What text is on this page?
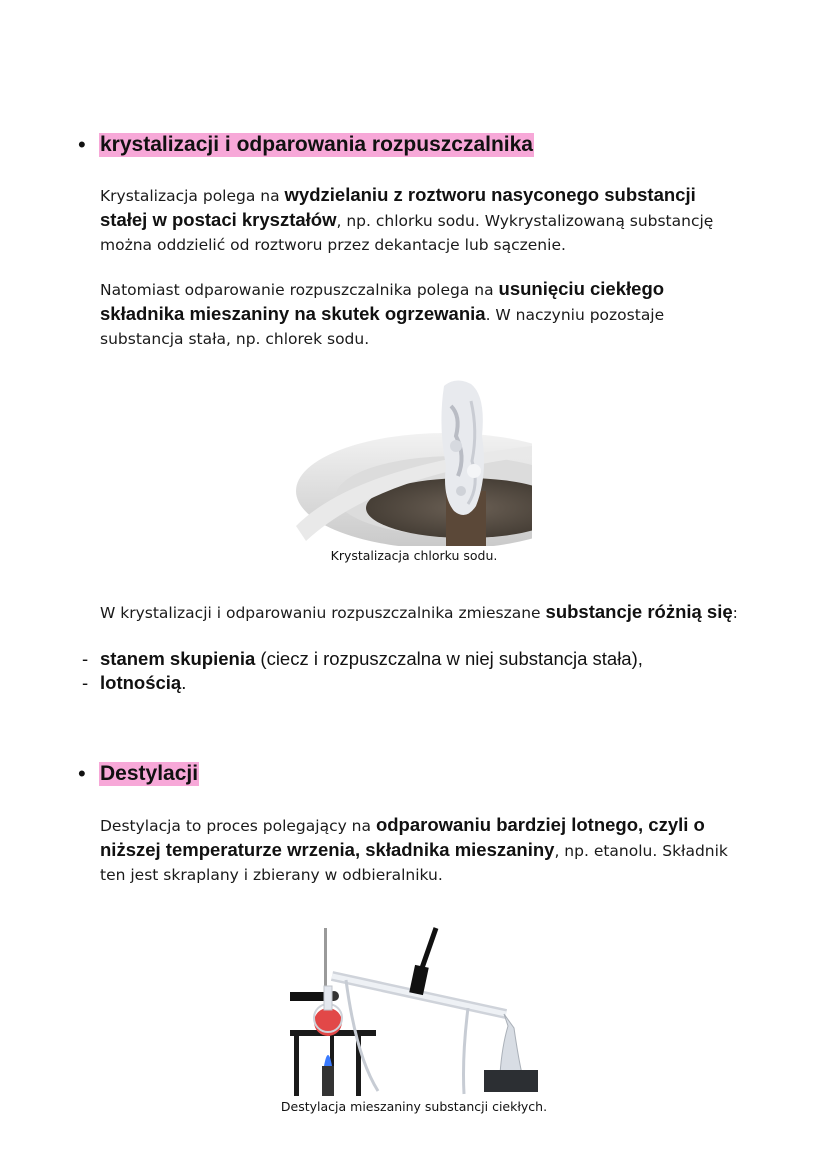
• krystalizacji i odparowania rozpuszczalnika
Krystalizacja polega na wydzielaniu z roztworu nasyconego substancji stałej w postaci kryształów, np. chlorku sodu. Wykrystalizowaną substancję można oddzielić od roztworu przez dekantacje lub sączenie.
Natomiast odparowanie rozpuszczalnika polega na usunięciu ciekłego składnika mieszaniny na skutek ogrzewania. W naczyniu pozostaje substancja stała, np. chlorek sodu.
Krystalizacja chlorku sodu.
W krystalizacji i odparowaniu rozpuszczalnika zmieszane substancje różnią się:
- stanem skupienia (ciecz i rozpuszczalna w niej substancja stała),
- lotnością.
• Destylacji
Destylacja to proces polegający na odparowaniu bardziej lotnego, czyli o niższej temperaturze wrzenia, składnika mieszaniny, np. etanolu. Składnik ten jest skraplany i zbierany w odbieralniku.
Destylacja mieszaniny substancji ciekłych.
